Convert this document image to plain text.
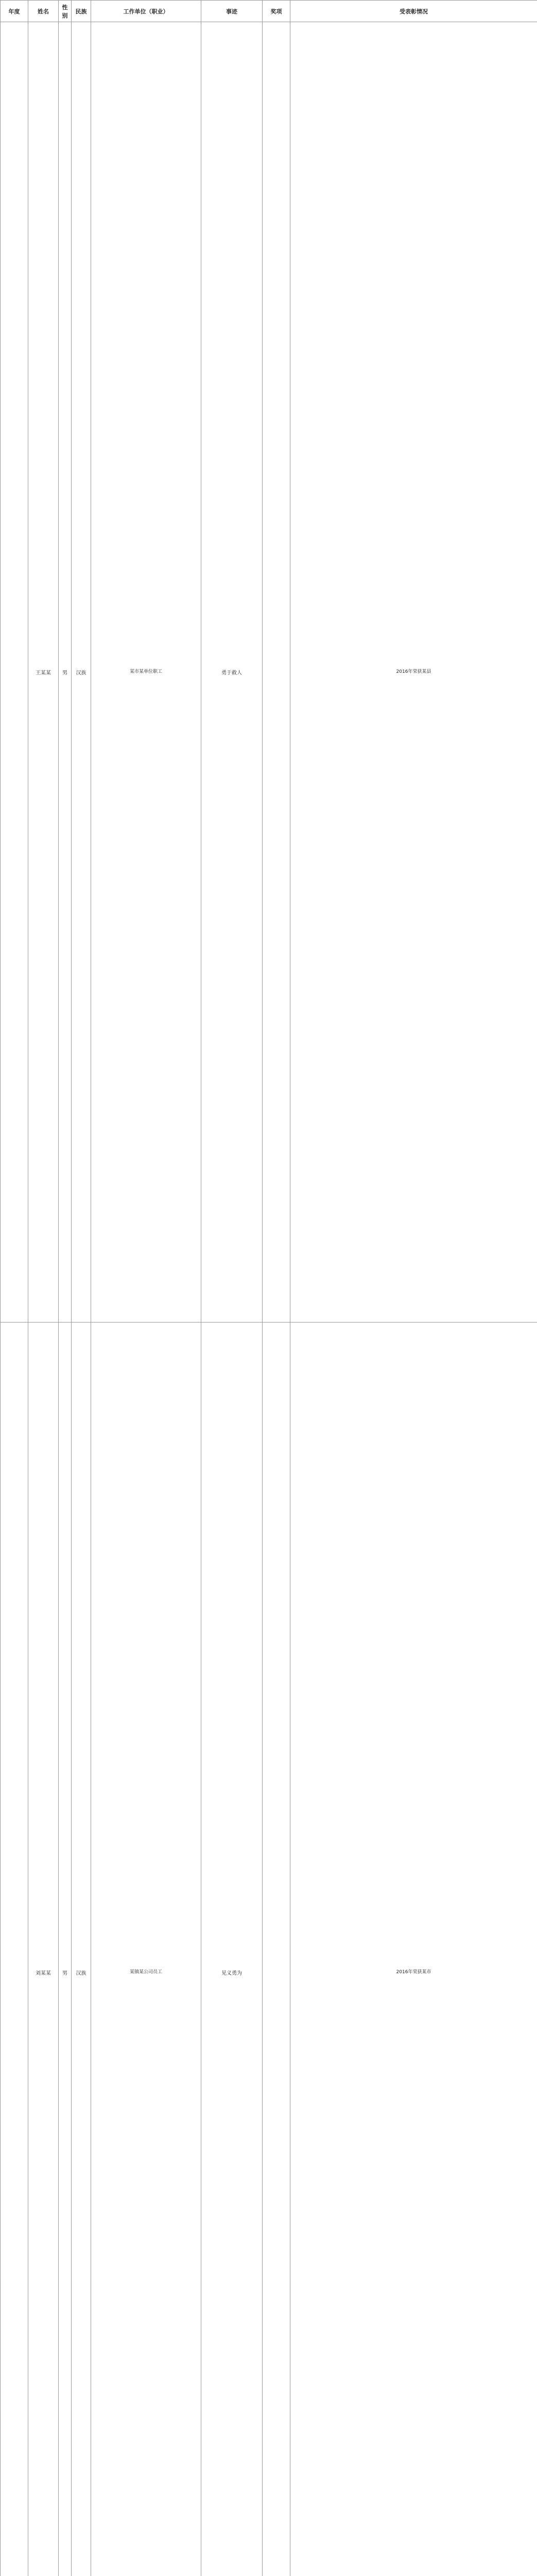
年度	姓名	性别	民族	工作单位（职业）	事迹	奖项	受表彰情况
	王某某	男	汉族	某市某单位职工	勇于救人		2016年荣获某县
	刘某某	男	汉族	某镇某公司员工	见义勇为		2016年荣获某市
